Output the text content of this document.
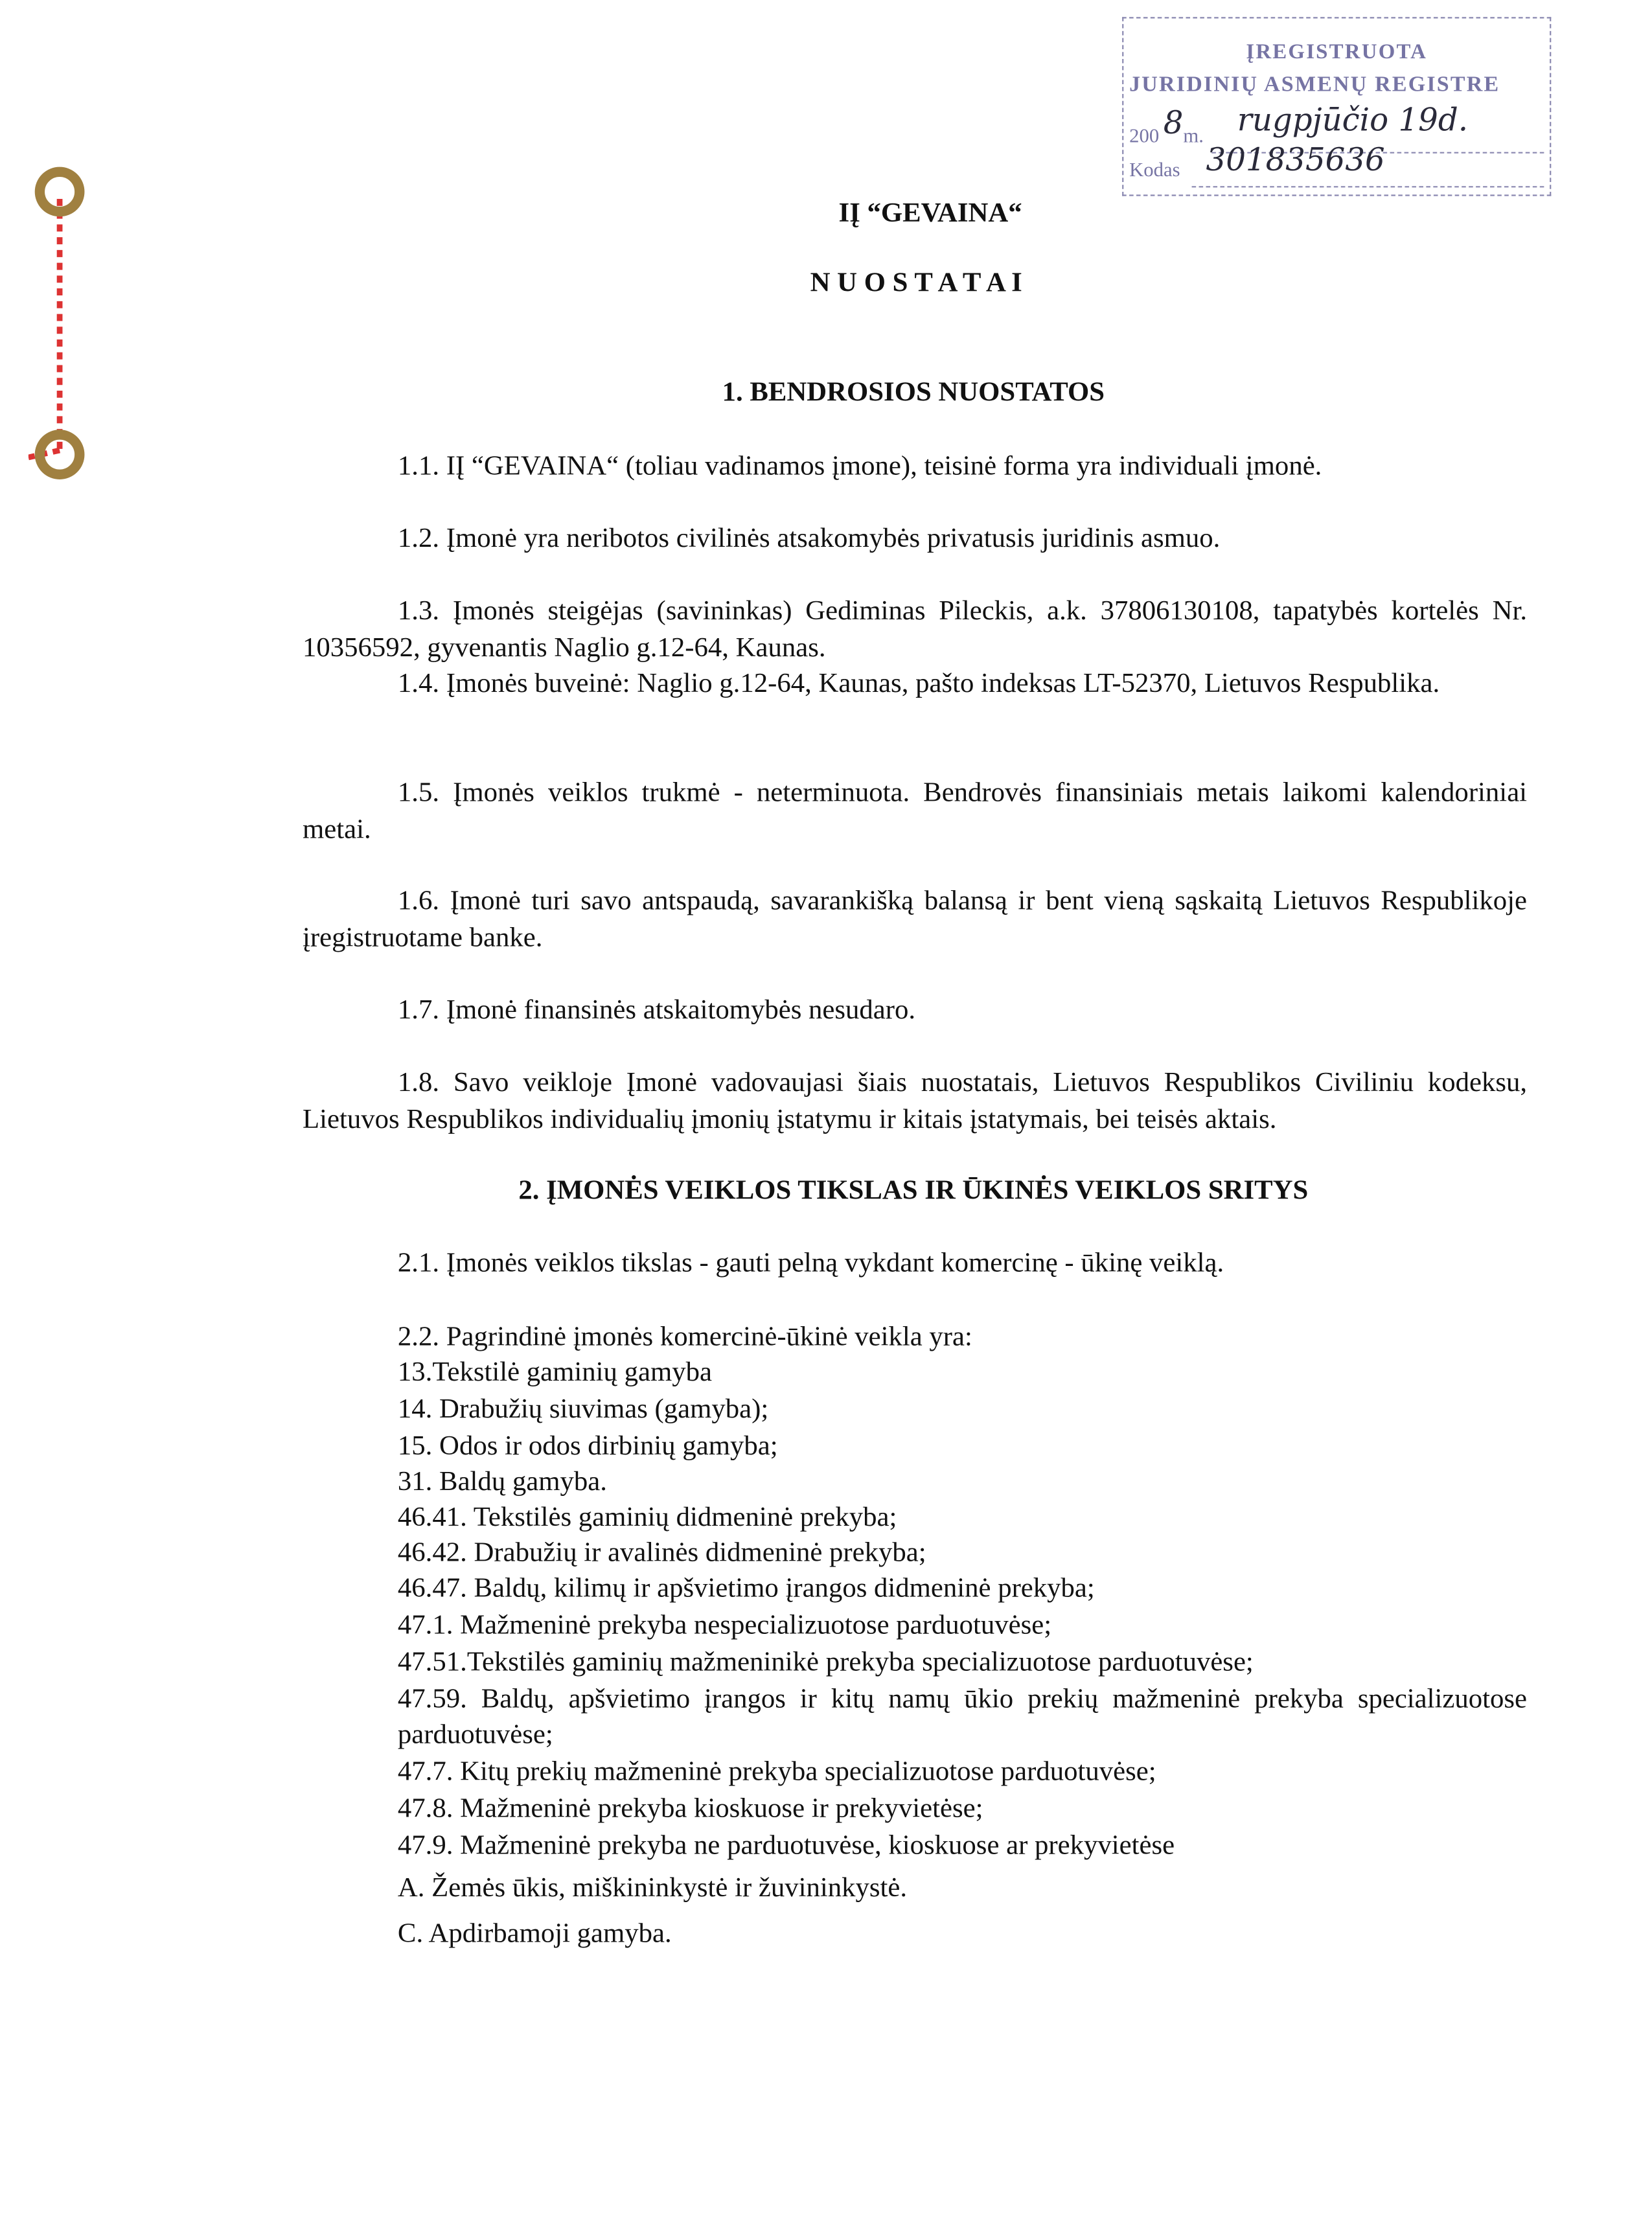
ĮREGISTRUOTA
JURIDINIŲ ASMENŲ REGISTRE
200 8 m. rugpjūčio 19d.
Kodas 301835636
IĮ “GEVAINA“
N U O S T A T A I
1. BENDROSIOS NUOSTATOS
1.1. IĮ “GEVAINA“ (toliau vadinamos įmone), teisinė forma yra individuali įmonė.
1.2. Įmonė yra neribotos civilinės atsakomybės privatusis juridinis asmuo.
1.3. Įmonės steigėjas (savininkas) Gediminas Pileckis, a.k. 37806130108, tapatybės kortelės Nr. 10356592, gyvenantis Naglio g.12-64, Kaunas.
1.4. Įmonės buveinė: Naglio g.12-64, Kaunas, pašto indeksas LT-52370, Lietuvos Respublika.
1.5. Įmonės veiklos trukmė - neterminuota. Bendrovės finansiniais metais laikomi kalendoriniai metai.
1.6. Įmonė turi savo antspaudą, savarankišką balansą ir bent vieną sąskaitą Lietuvos Respublikoje įregistruotame banke.
1.7. Įmonė finansinės atskaitomybės nesudaro.
1.8. Savo veikloje Įmonė vadovaujasi šiais nuostatais, Lietuvos Respublikos Civiliniu kodeksu, Lietuvos Respublikos individualių įmonių įstatymu ir kitais įstatymais, bei teisės aktais.
2. ĮMONĖS VEIKLOS TIKSLAS IR ŪKINĖS VEIKLOS SRITYS
2.1. Įmonės veiklos tikslas - gauti pelną vykdant komercinę - ūkinę veiklą.
2.2. Pagrindinė įmonės komercinė-ūkinė veikla yra:
13.Tekstilė gaminių gamyba
14. Drabužių siuvimas (gamyba);
15. Odos ir odos dirbinių gamyba;
31. Baldų gamyba.
46.41. Tekstilės gaminių didmeninė prekyba;
46.42. Drabužių ir avalinės didmeninė prekyba;
46.47. Baldų, kilimų ir apšvietimo įrangos didmeninė prekyba;
47.1. Mažmeninė prekyba nespecializuotose parduotuvėse;
47.51.Tekstilės gaminių mažmeninikė prekyba specializuotose parduotuvėse;
47.59. Baldų, apšvietimo įrangos ir kitų namų ūkio prekių mažmeninė prekyba specializuotose parduotuvėse;
47.7. Kitų prekių mažmeninė prekyba specializuotose parduotuvėse;
47.8. Mažmeninė prekyba kioskuose ir prekyvietėse;
47.9. Mažmeninė prekyba ne parduotuvėse, kioskuose ar prekyvietėse
A. Žemės ūkis, miškininkystė ir žuvininkystė.
C. Apdirbamoji gamyba.
